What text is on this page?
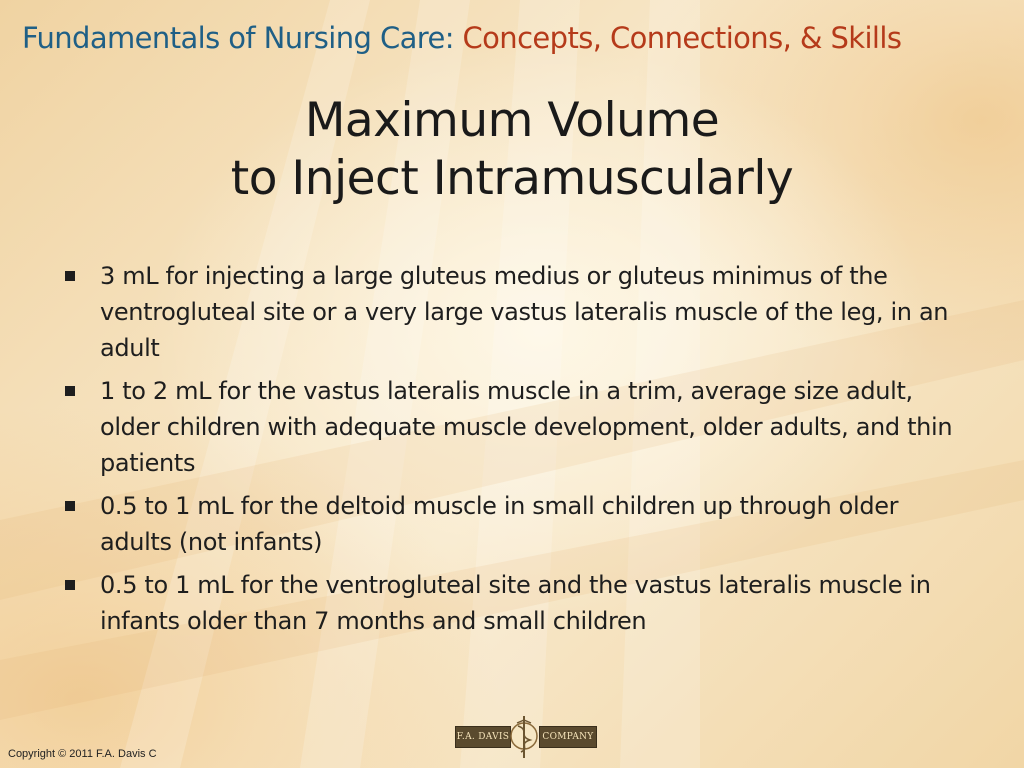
Fundamentals of Nursing Care: Concepts, Connections, & Skills
Maximum Volume
to Inject Intramuscularly
3 mL for injecting a large gluteus medius or gluteus minimus of the ventrogluteal site or a very large vastus lateralis muscle of the leg, in an adult
1 to 2 mL for the vastus lateralis muscle in a trim, average size adult, older children with adequate muscle development, older adults, and thin patients
0.5 to 1 mL for the deltoid muscle in small children up through older adults (not infants)
0.5 to 1 mL for the ventrogluteal site and the vastus lateralis muscle in infants older than 7 months and small children
F.A. DAVIS	COMPANY
Copyright © 2011 F.A. Davis C
